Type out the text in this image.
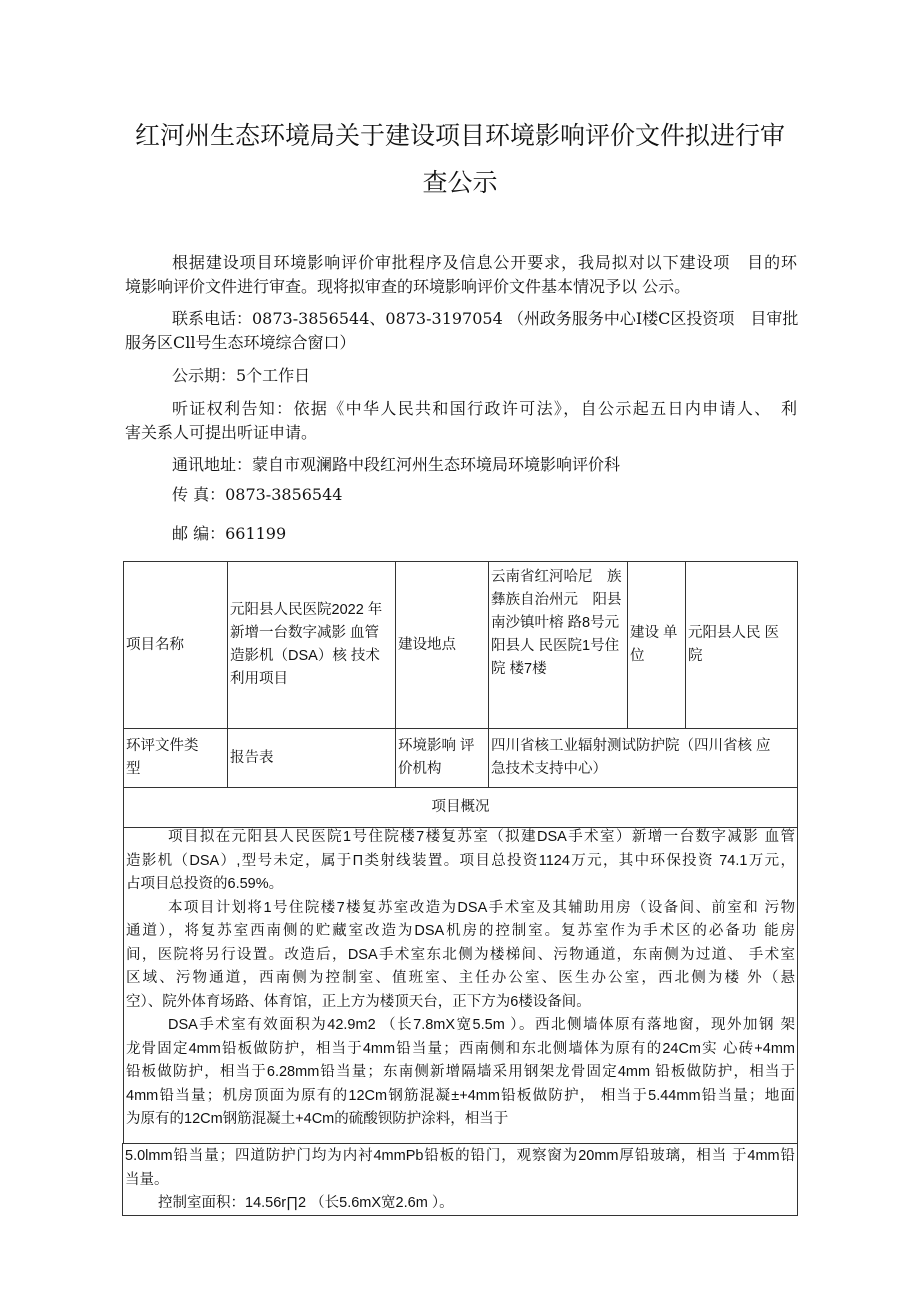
红河州生态环境局关于建设项目环境影响评价文件拟进行审
查公示
根据建设项目环境影响评价审批程序及信息公开要求，我局拟对以下建设项　目的环
境影响评价文件进行审查。现将拟审查的环境影响评价文件基本情况予以 公示。
联系电话：0873-3856544、0873-3197054 （州政务服务中心I楼C区投资项　目审批
服务区Cll号生态环境综合窗口）
公示期：5个工作日
听证权利告知：依据《中华人民共和国行政许可法》，自公示起五日内申请人、　利
害关系人可提出听证申请。
通讯地址：蒙自市观澜路中段红河州生态环境局环境影响评价科
传 真：0873-3856544
邮 编：661199
项目名称
元阳县人民医院2022 年
新增一台数字减影 血管
造影机（DSA）核 技术
利用项目
建设地点
云南省红河哈尼　族
彝族自治州元　阳县
南沙镇叶榕 路8号元
阳县人 民医院1号住
院 楼7楼
建设 单
位
元阳县人民 医
院
环评文件类
型
报告表
环境影响 评
价机构
四川省核工业辐射测试防护院（四川省核 应
急技术支持中心）
项目概况
项目拟在元阳县人民医院1号住院楼7楼复苏室（拟建DSA手术室）新增一台数字减影 血管
造影机（DSA）,型号未定，属于Π类射线装置。项目总投资1124万元，其中环保投资 74.1万元，
占项目总投资的6.59%。
本项目计划将1号住院楼7楼复苏室改造为DSA手术室及其辅助用房（设备间、前室和 污物
通道），将复苏室西南侧的贮藏室改造为DSA机房的控制室。复苏室作为手术区的必备功 能房
间，医院将另行设置。改造后，DSA手术室东北侧为楼梯间、污物通道，东南侧为过道、 手术室
区域、污物通道，西南侧为控制室、值班室、主任办公室、医生办公室，西北侧为楼 外（悬
空）、院外体育场路、体育馆，正上方为楼顶天台，正下方为6楼设备间。
DSA手术室有效面积为42.9m2 （长7.8mX宽5.5m ）。西北侧墙体原有落地窗，现外加钢 架
龙骨固定4mm铅板做防护，相当于4mm铅当量；西南侧和东北侧墙体为原有的24Cm实 心砖+4mm
铅板做防护，相当于6.28mm铅当量；东南侧新增隔墙采用钢架龙骨固定4mm 铅板做防护，相当于
4mm铅当量；机房顶面为原有的12Cm钢筋混凝±+4mm铅板做防护， 相当于5.44mm铅当量；地面
为原有的12Cm钢筋混凝土+4Cm的硫酸钡防护涂料，相当于
5.0lmm铅当量；四道防护门均为内衬4mmPb铅板的铅门，观察窗为20mm厚铅玻璃，相当 于4mm铅
当量。
控制室面积：14.56r∏2 （长5.6mX宽2.6m ）。
